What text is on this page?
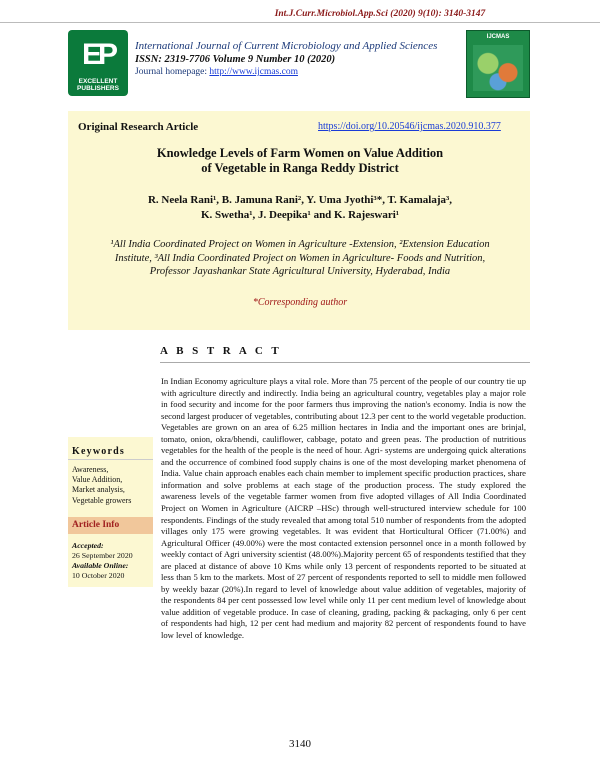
Int.J.Curr.Microbiol.App.Sci (2020) 9(10): 3140-3147
EP
EXCELLENT PUBLISHERS
International Journal of Current Microbiology and Applied Sciences
ISSN: 2319-7706 Volume 9 Number 10 (2020)
Journal homepage: http://www.ijcmas.com
IJCMAS
Original Research Article	https://doi.org/10.20546/ijcmas.2020.910.377
Knowledge Levels of Farm Women on Value Addition
of Vegetable in Ranga Reddy District
R. Neela Rani¹, B. Jamuna Rani², Y. Uma Jyothi³*, T. Kamalaja³,
K. Swetha¹, J. Deepika¹ and K. Rajeswari¹
¹All India Coordinated Project on Women in Agriculture -Extension, ²Extension Education
Institute, ³All India Coordinated Project on Women in Agriculture- Foods and Nutrition,
Professor Jayashankar State Agricultural University, Hyderabad, India
*Corresponding author
A B S T R A C T
Keywords
Awareness,
Value Addition,
Market analysis,
Vegetable growers
Article Info
Accepted:
26 September 2020
Available Online:
10 October 2020
In Indian Economy agriculture plays a vital role. More than 75 percent of the people of our country tie up with agriculture directly and indirectly. India being an agricultural country, vegetables play a major role in food security and income for the poor farmers thus improving the nation's economy. India is now the second largest producer of vegetables, contributing about 12.3 per cent to the world vegetable production. Vegetables are grown on an area of 6.25 million hectares in India and the important ones are brinjal, tomato, onion, okra/bhendi, cauliflower, cabbage, potato and green peas. The production of nutritious vegetables for the health of the people is the need of hour. Agri- systems are undergoing quick alterations and the occurrence of combined food supply chains is one of the most developing market phenomena of India. Value chain approach enables each chain member to implement specific production practices, share information and solve problems at each stage of the production process. The study explored the awareness levels of the vegetable farmer women from five adopted villages of All India Coordinated Project on Women in Agriculture (AICRP –HSc) through well-structured interview schedule for 100 respondents. Findings of the study revealed that among total 510 number of respondents from the adopted villages only 175 were growing vegetables. It was evident that Horticultural Officer (71.00%) and Agricultural Officer (49.00%) were the most contacted extension personnel once in a month followed by weekly contact of Agri university scientist (48.00%).Majority percent 65 of respondents testified that they are placed at distance of above 10 Kms while only 13 percent of respondents reported to be situated at less than 5 km to the markets. Most of 27 percent of respondents reported to sell to middle men followed by weekly bazar (20%).In regard to level of knowledge about value addition of vegetables, majority of the respondents 84 per cent possessed low level while only 11 per cent medium level of knowledge about value addition of vegetable produce. In case of cleaning, grading, packing & packaging, only 6 per cent of respondents had high, 12 per cent had medium and majority 82 percent of respondents found to have low level of knowledge.
3140
